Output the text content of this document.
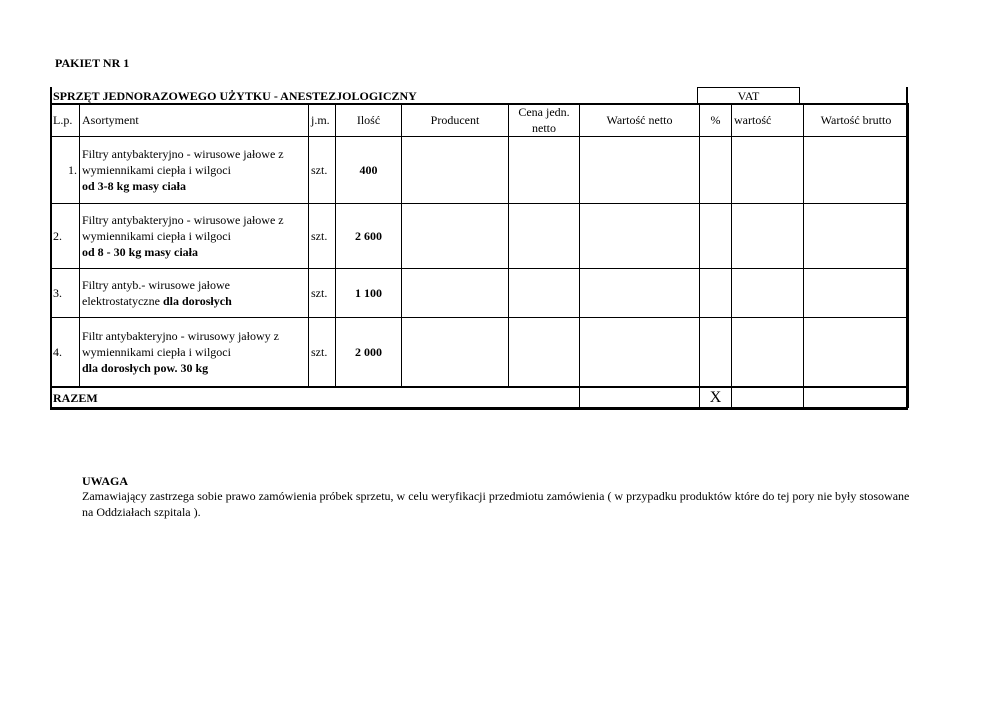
PAKIET NR 1
SPRZĘT JEDNORAZOWEGO UŻYTKU - ANESTEZJOLOGICZNY	VAT
L.p.	Asortyment	j.m.	Ilość	Producent	Cena jedn. netto	Wartość netto	%	wartość	Wartość brutto
1.	Filtry antybakteryjno - wirusowe jałowe z wymiennikami ciepła i wilgoci
od 3-8 kg masy ciała	szt.	400						
2.	Filtry antybakteryjno - wirusowe jałowe z wymiennikami ciepła i wilgoci
od 8 - 30 kg masy ciała	szt.	2 600						
3.	Filtry antyb.- wirusowe jałowe elektrostatyczne dla dorosłych	szt.	1 100						
4.	Filtr antybakteryjno - wirusowy jałowy z wymiennikami ciepła i wilgoci
dla dorosłych pow. 30 kg	szt.	2 000						
RAZEM							X		
UWAGA
Zamawiający zastrzega sobie prawo zamówienia próbek sprzetu, w celu weryfikacji przedmiotu zamówienia ( w przypadku produktów które do tej pory nie były stosowane na Oddziałach szpitala ).
